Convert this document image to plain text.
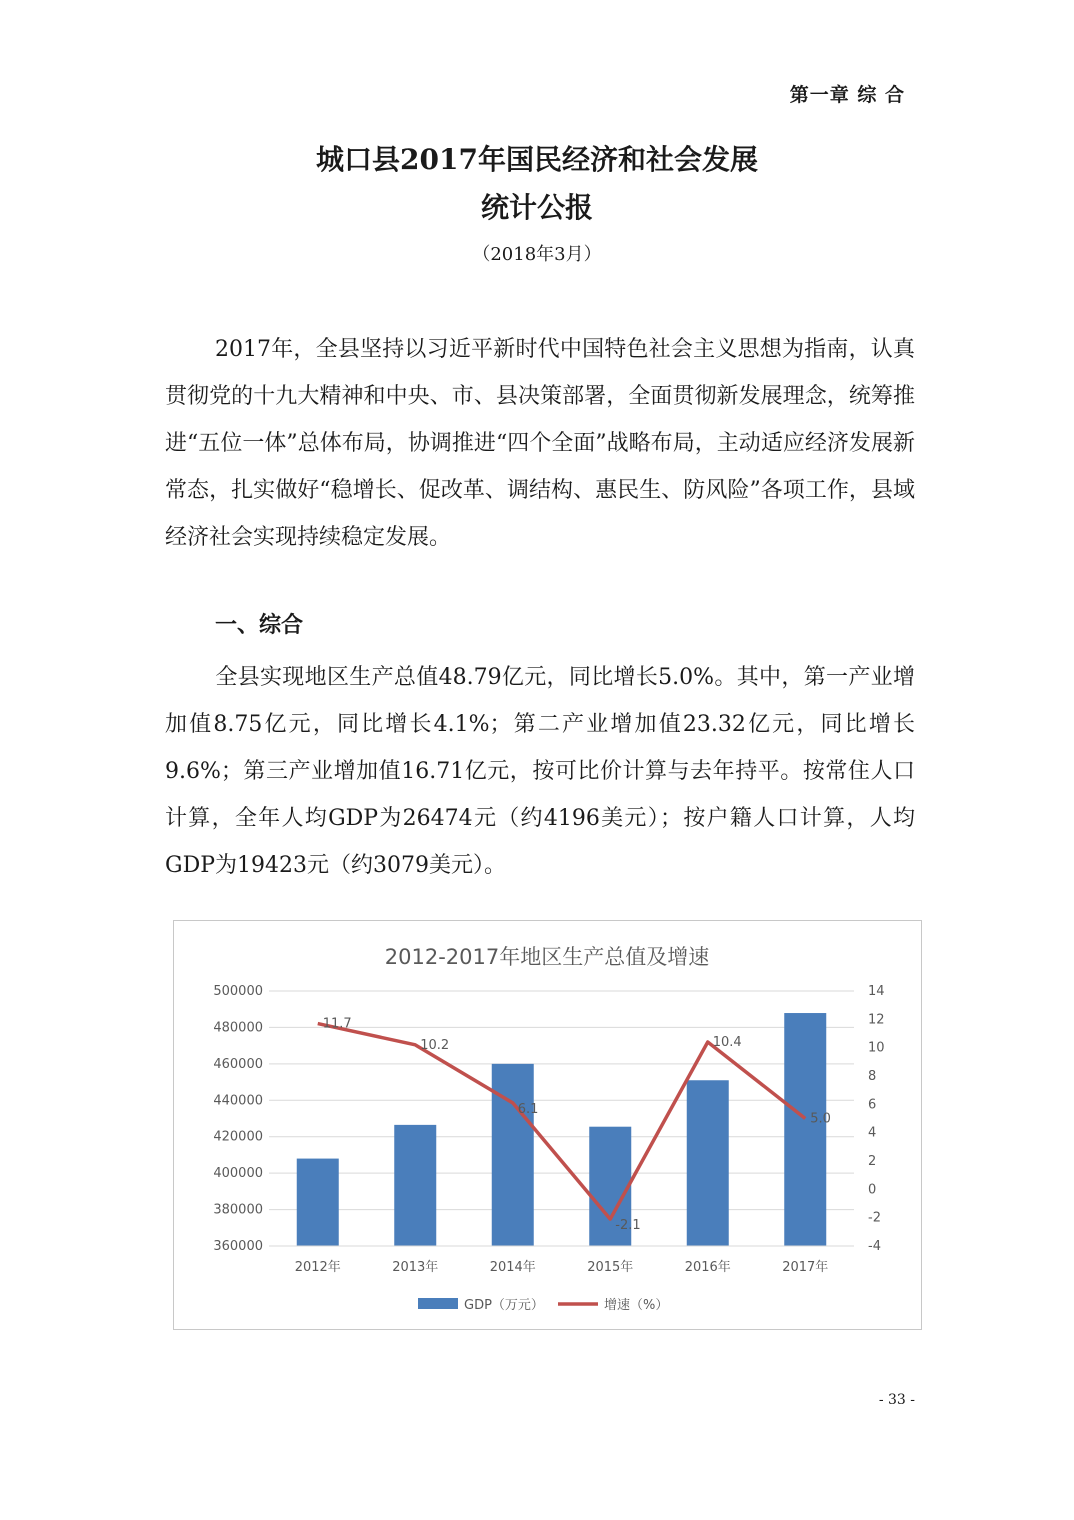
第一章 综 合
城口县2017年国民经济和社会发展
统计公报
（2018年3月）

2017年，全县坚持以习近平新时代中国特色社会主义思想为指南，认真贯彻党的十九大精神和中央、市、县决策部署，全面贯彻新发展理念，统筹推进“五位一体”总体布局，协调推进“四个全面”战略布局，主动适应经济发展新常态，扎实做好“稳增长、促改革、调结构、惠民生、防风险”各项工作，县域经济社会实现持续稳定发展。

一、综合

全县实现地区生产总值48.79亿元，同比增长5.0%。其中，第一产业增加值8.75亿元，同比增长4.1%；第二产业增加值23.32亿元，同比增长9.6%；第三产业增加值16.71亿元，按可比价计算与去年持平。按常住人口计算，全年人均GDP为26474元（约4196美元）；按户籍人口计算，人均GDP为19423元（约3079美元）。

2012-2017年地区生产总值及增速
500000
480000
460000
440000
420000
400000
380000
360000
14
12
10
8
6
4
2
0
-2
-4
2012年	2013年	2014年	2015年	2016年	2017年
11.7
10.2
6.1
-2.1
10.4
5.0
GDP（万元）	增速（%）
- 33 -
